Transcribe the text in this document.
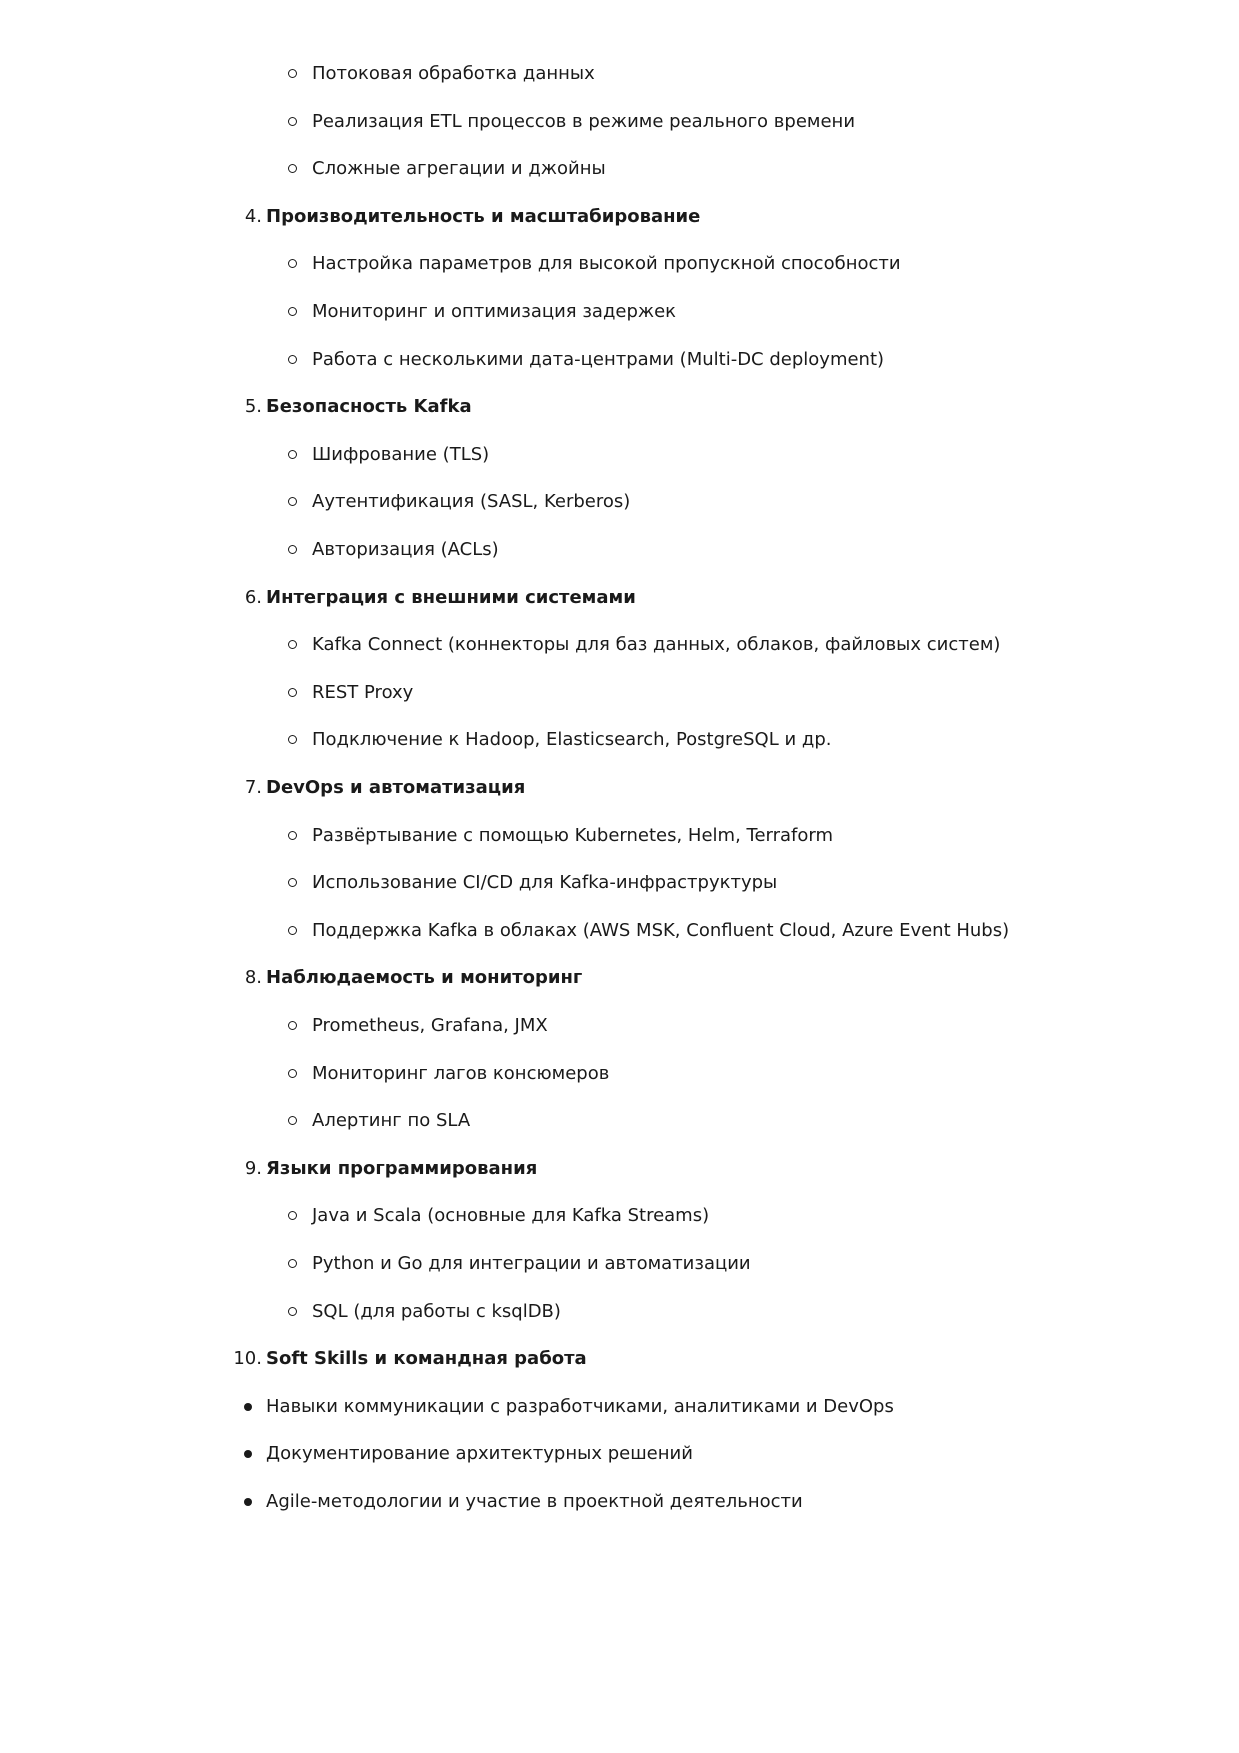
Потоковая обработка данных
Реализация ETL процессов в режиме реального времени
Сложные агрегации и джойны
4. Производительность и масштабирование
Настройка параметров для высокой пропускной способности
Мониторинг и оптимизация задержек
Работа с несколькими дата-центрами (Multi-DC deployment)
5. Безопасность Kafka
Шифрование (TLS)
Аутентификация (SASL, Kerberos)
Авторизация (ACLs)
6. Интеграция с внешними системами
Kafka Connect (коннекторы для баз данных, облаков, файловых систем)
REST Proxy
Подключение к Hadoop, Elasticsearch, PostgreSQL и др.
7. DevOps и автоматизация
Развёртывание с помощью Kubernetes, Helm, Terraform
Использование CI/CD для Kafka-инфраструктуры
Поддержка Kafka в облаках (AWS MSK, Confluent Cloud, Azure Event Hubs)
8. Наблюдаемость и мониторинг
Prometheus, Grafana, JMX
Мониторинг лагов консюмеров
Алертинг по SLA
9. Языки программирования
Java и Scala (основные для Kafka Streams)
Python и Go для интеграции и автоматизации
SQL (для работы с ksqlDB)
10. Soft Skills и командная работа
Навыки коммуникации с разработчиками, аналитиками и DevOps
Документирование архитектурных решений
Agile-методологии и участие в проектной деятельности
